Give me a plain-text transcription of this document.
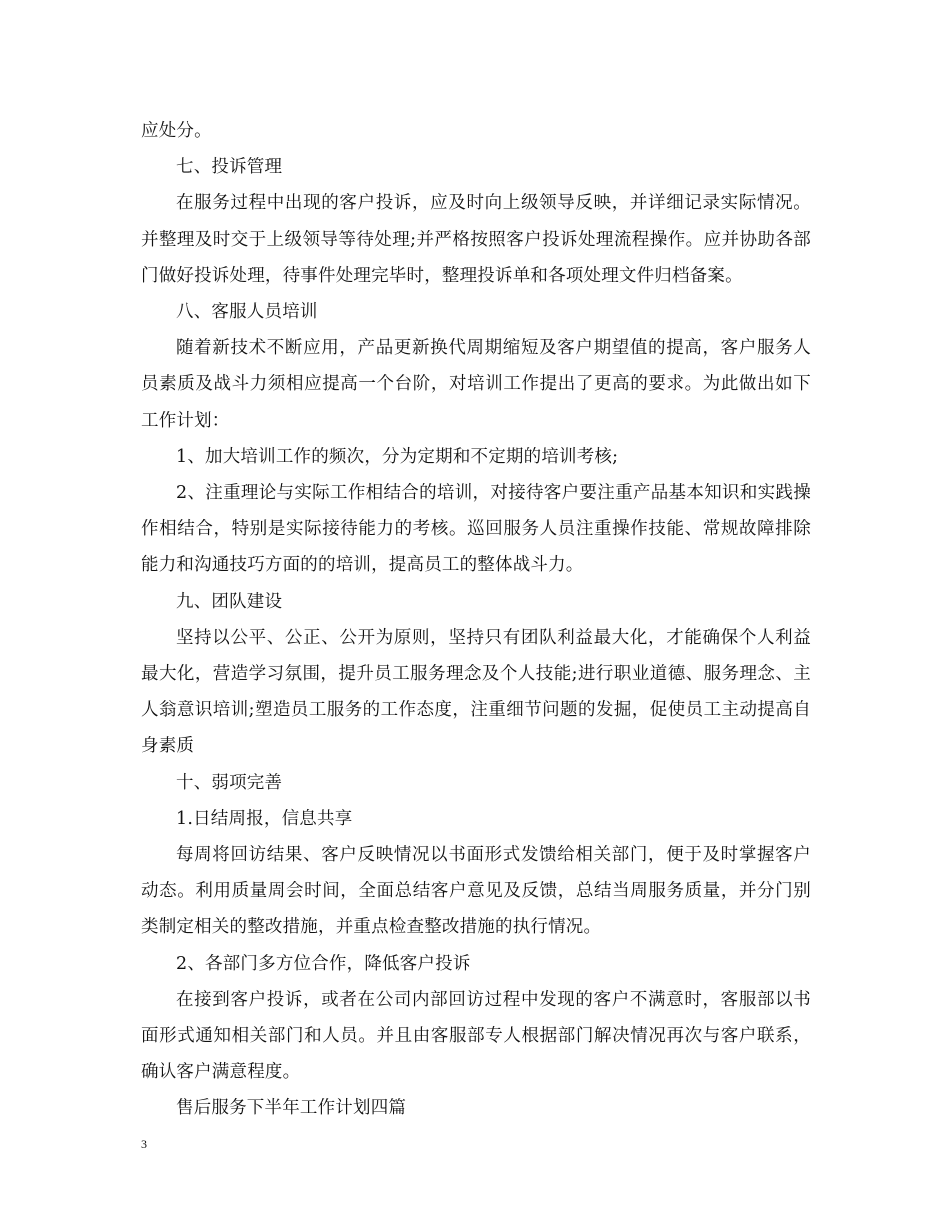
应处分。

七、投诉管理

在服务过程中出现的客户投诉，应及时向上级领导反映，并详细记录实际情况。并整理及时交于上级领导等待处理;并严格按照客户投诉处理流程操作。应并协助各部门做好投诉处理，待事件处理完毕时，整理投诉单和各项处理文件归档备案。

八、客服人员培训

随着新技术不断应用，产品更新换代周期缩短及客户期望值的提高，客户服务人员素质及战斗力须相应提高一个台阶，对培训工作提出了更高的要求。为此做出如下工作计划：

1、加大培训工作的频次，分为定期和不定期的培训考核;

2、注重理论与实际工作相结合的培训，对接待客户要注重产品基本知识和实践操作相结合，特别是实际接待能力的考核。巡回服务人员注重操作技能、常规故障排除能力和沟通技巧方面的的培训，提高员工的整体战斗力。

九、团队建设

坚持以公平、公正、公开为原则，坚持只有团队利益最大化，才能确保个人利益最大化，营造学习氛围，提升员工服务理念及个人技能;进行职业道德、服务理念、主人翁意识培训;塑造员工服务的工作态度，注重细节问题的发掘，促使员工主动提高自身素质

十、弱项完善

1.日结周报，信息共享

每周将回访结果、客户反映情况以书面形式发馈给相关部门，便于及时掌握客户动态。利用质量周会时间，全面总结客户意见及反馈，总结当周服务质量，并分门别类制定相关的整改措施，并重点检查整改措施的执行情况。

2、各部门多方位合作，降低客户投诉

在接到客户投诉，或者在公司内部回访过程中发现的客户不满意时，客服部以书面形式通知相关部门和人员。并且由客服部专人根据部门解决情况再次与客户联系，确认客户满意程度。

售后服务下半年工作计划四篇

3
